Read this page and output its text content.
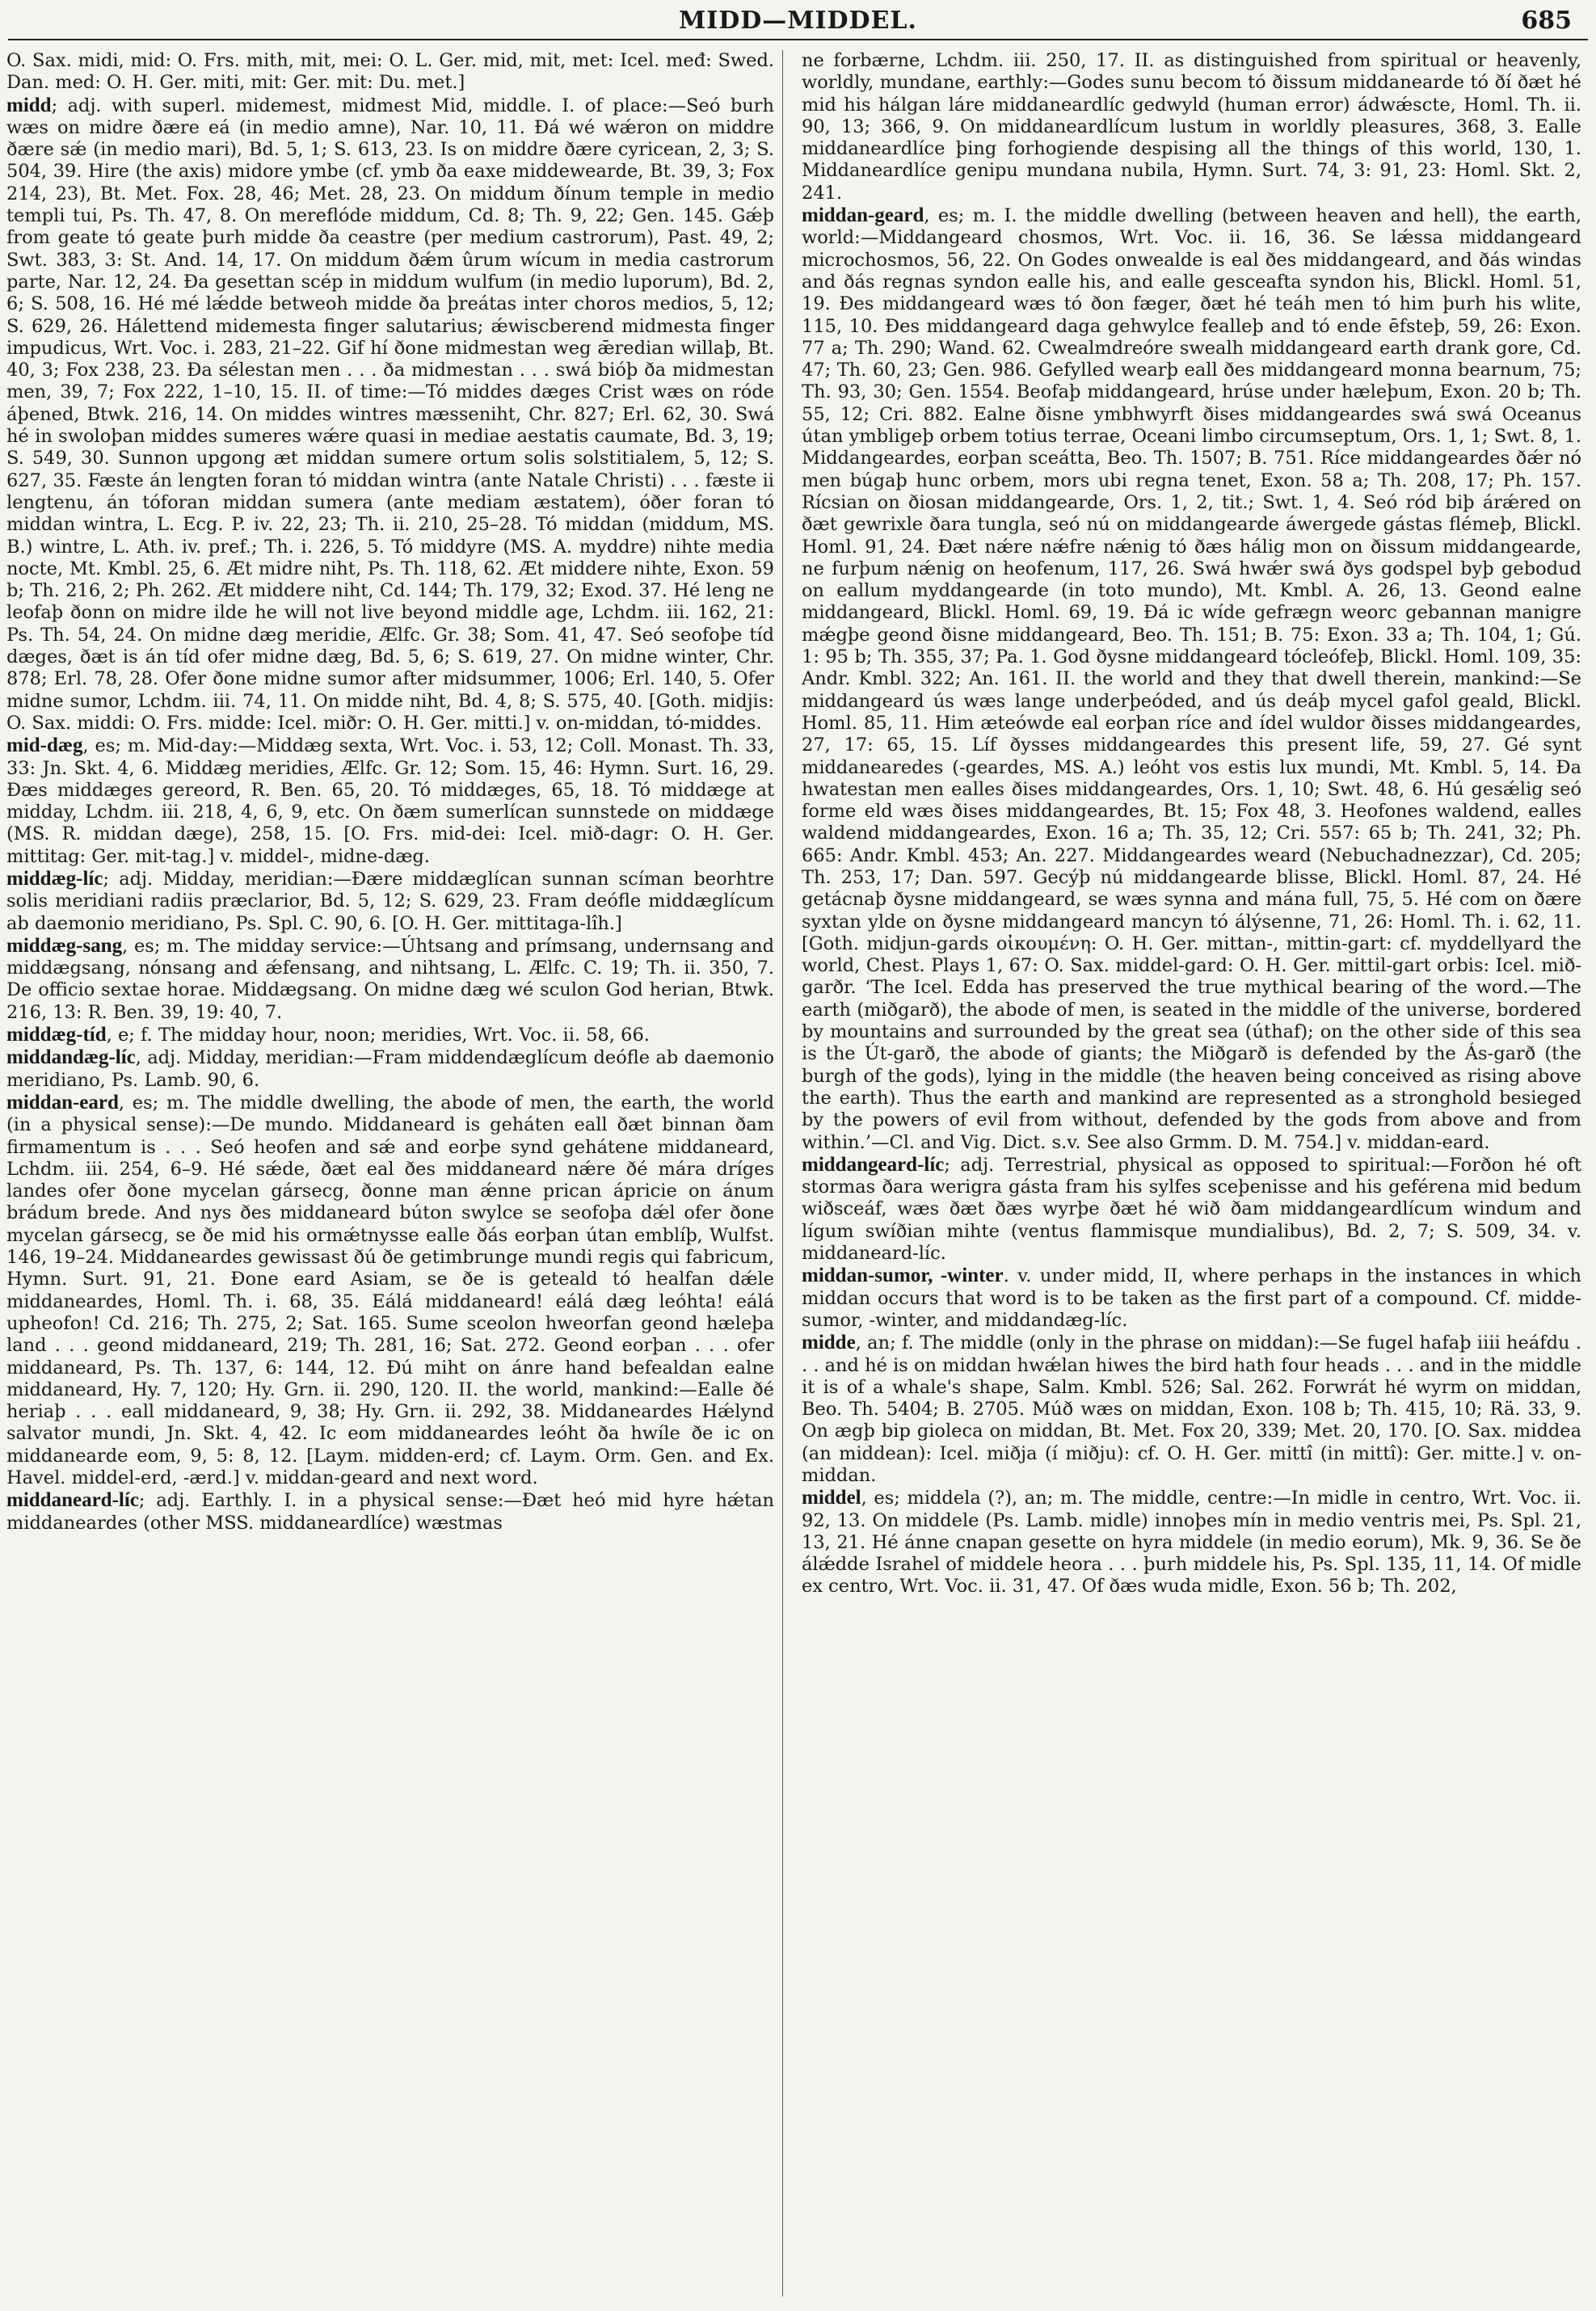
MIDD—MIDDEL.	685

O. Sax. midi, mid: O. Frs. mith, mit, mei: O. L. Ger. mid, mit, met: Icel. međ: Swed. Dan. med: O. H. Ger. miti, mit: Ger. mit: Du. met.]

midd; adj. with superl. midemest, midmest Mid, middle. I. of place:—Seó burh wæs on midre ðære eá (in medio amne), Nar. 10, 11. Ðá wé wǽron on middre ðære sǽ (in medio mari), Bd. 5, 1; S. 613, 23. Is on middre ðære cyricean, 2, 3; S. 504, 39. Hire (the axis) midore ymbe (cf. ymb ða eaxe middewearde, Bt. 39, 3; Fox 214, 23), Bt. Met. Fox. 28, 46; Met. 28, 23. On middum ðínum temple in medio templi tui, Ps. Th. 47, 8. On mereflóde middum, Cd. 8; Th. 9, 22; Gen. 145. Gǽþ from geate tó geate þurh midde ða ceastre (per medium castrorum), Past. 49, 2; Swt. 383, 3: St. And. 14, 17. On middum ðǽm ûrum wícum in media castrorum parte, Nar. 12, 24. Ða gesettan scép in middum wulfum (in medio luporum), Bd. 2, 6; S. 508, 16. Hé mé lǽdde betweoh midde ða þreátas inter choros medios, 5, 12; S. 629, 26. Hálettend midemesta finger salutarius; ǽwiscberend midmesta finger impudicus, Wrt. Voc. i. 283, 21–22. Gif hí ðone midmestan weg ǣredian willaþ, Bt. 40, 3; Fox 238, 23. Ða sélestan men . . . ða midmestan . . . swá bióþ ða midmestan men, 39, 7; Fox 222, 1–10, 15. II. of time:—Tó middes dæges Crist wæs on róde áþened, Btwk. 216, 14. On middes wintres mæsseniht, Chr. 827; Erl. 62, 30. Swá hé in swoloþan middes sumeres wǽre quasi in mediae aestatis caumate, Bd. 3, 19; S. 549, 30. Sunnon upgong æt middan sumere ortum solis solstitialem, 5, 12; S. 627, 35. Fæste án lengten foran tó middan wintra (ante Natale Christi) . . . fæste ii lengtenu, án tóforan middan sumera (ante mediam æstatem), óðer foran tó middan wintra, L. Ecg. P. iv. 22, 23; Th. ii. 210, 25–28. Tó middan (middum, MS. B.) wintre, L. Ath. iv. pref.; Th. i. 226, 5. Tó middyre (MS. A. myddre) nihte media nocte, Mt. Kmbl. 25, 6. Æt midre niht, Ps. Th. 118, 62. Æt middere nihte, Exon. 59 b; Th. 216, 2; Ph. 262. Æt middere niht, Cd. 144; Th. 179, 32; Exod. 37. Hé leng ne leofaþ ðonn on midre ilde he will not live beyond middle age, Lchdm. iii. 162, 21: Ps. Th. 54, 24. On midne dæg meridie, Ælfc. Gr. 38; Som. 41, 47. Seó seofoþe tíd dæges, ðæt is án tíd ofer midne dæg, Bd. 5, 6; S. 619, 27. On midne winter, Chr. 878; Erl. 78, 28. Ofer ðone midne sumor after midsummer, 1006; Erl. 140, 5. Ofer midne sumor, Lchdm. iii. 74, 11. On midde niht, Bd. 4, 8; S. 575, 40. [Goth. midjis: O. Sax. middi: O. Frs. midde: Icel. miðr: O. H. Ger. mitti.] v. on-middan, tó-middes.

mid-dæg, es; m. Mid-day:—Middæg sexta, Wrt. Voc. i. 53, 12; Coll. Monast. Th. 33, 33: Jn. Skt. 4, 6. Middæg meridies, Ælfc. Gr. 12; Som. 15, 46: Hymn. Surt. 16, 29. Ðæs middæges gereord, R. Ben. 65, 20. Tó middæges, 65, 18. Tó middæge at midday, Lchdm. iii. 218, 4, 6, 9, etc. On ðæm sumerlícan sunnstede on middæge (MS. R. middan dæge), 258, 15. [O. Frs. mid-dei: Icel. mið-dagr: O. H. Ger. mittitag: Ger. mit-tag.] v. middel-, midne-dæg.

middæg-líc; adj. Midday, meridian:—Ðære middæglícan sunnan scíman beorhtre solis meridiani radiis præclarior, Bd. 5, 12; S. 629, 23. Fram deófle middæglícum ab daemonio meridiano, Ps. Spl. C. 90, 6. [O. H. Ger. mittitaga-lîh.]

middæg-sang, es; m. The midday service:—Úhtsang and prímsang, undernsang and middægsang, nónsang and ǽfensang, and nihtsang, L. Ælfc. C. 19; Th. ii. 350, 7. De officio sextae horae. Middægsang. On midne dæg wé sculon God herian, Btwk. 216, 13: R. Ben. 39, 19: 40, 7.

middæg-tíd, e; f. The midday hour, noon; meridies, Wrt. Voc. ii. 58, 66.

middandæg-líc, adj. Midday, meridian:—Fram middendæglícum deófle ab daemonio meridiano, Ps. Lamb. 90, 6.

middan-eard, es; m. The middle dwelling, the abode of men, the earth, the world (in a physical sense):—De mundo. Middaneard is geháten eall ðæt binnan ðam firmamentum is . . . Seó heofen and sǽ and eorþe synd gehátene middaneard, Lchdm. iii. 254, 6–9. Hé sǽde, ðæt eal ðes middaneard nǽre ðé mára dríges landes ofer ðone mycelan gársecg, ðonne man ǽnne prican ápricie on ánum brádum brede. And nys ðes middaneard búton swylce se seofoþa dǽl ofer ðone mycelan gársecg, se ðe mid his ormǽtnysse ealle ðás eorþan útan emblíþ, Wulfst. 146, 19–24. Middaneardes gewissast ðú ðe getimbrunge mundi regis qui fabricum, Hymn. Surt. 91, 21. Ðone eard Asiam, se ðe is geteald tó healfan dǽle middaneardes, Homl. Th. i. 68, 35. Eálá middaneard! eálá dæg leóhta! eálá upheofon! Cd. 216; Th. 275, 2; Sat. 165. Sume sceolon hweorfan geond hæleþa land . . . geond middaneard, 219; Th. 281, 16; Sat. 272. Geond eorþan . . . ofer middaneard, Ps. Th. 137, 6: 144, 12. Ðú miht on ánre hand befealdan ealne middaneard, Hy. 7, 120; Hy. Grn. ii. 290, 120. II. the world, mankind:—Ealle ðé heriaþ . . . eall middaneard, 9, 38; Hy. Grn. ii. 292, 38. Middaneardes Hǽlynd salvator mundi, Jn. Skt. 4, 42. Ic eom middaneardes leóht ða hwíle ðe ic on middanearde eom, 9, 5: 8, 12. [Laym. midden-erd; cf. Laym. Orm. Gen. and Ex. Havel. middel-erd, -ærd.] v. middan-geard and next word.

middaneard-líc; adj. Earthly. I. in a physical sense:—Ðæt heó mid hyre hǽtan middaneardes (other MSS. middaneardlíce) wæstmas

ne forbærne, Lchdm. iii. 250, 17. II. as distinguished from spiritual or heavenly, worldly, mundane, earthly:—Godes sunu becom tó ðissum middanearde tó ðí ðæt hé mid his hálgan láre middaneardlíc gedwyld (human error) ádwǽscte, Homl. Th. ii. 90, 13; 366, 9. On middaneardlícum lustum in worldly pleasures, 368, 3. Ealle middaneardlíce þing forhogiende despising all the things of this world, 130, 1. Middaneardlíce genipu mundana nubila, Hymn. Surt. 74, 3: 91, 23: Homl. Skt. 2, 241.

middan-geard, es; m. I. the middle dwelling (between heaven and hell), the earth, world:—Middangeard chosmos, Wrt. Voc. ii. 16, 36. Se lǽssa middangeard microchosmos, 56, 22. On Godes onwealde is eal ðes middangeard, and ðás windas and ðás regnas syndon ealle his, and ealle gesceafta syndon his, Blickl. Homl. 51, 19. Ðes middangeard wæs tó ðon fæger, ðæt hé teáh men tó him þurh his wlite, 115, 10. Ðes middangeard daga gehwylce fealleþ and tó ende ēfsteþ, 59, 26: Exon. 77 a; Th. 290; Wand. 62. Cwealmdreóre swealh middangeard earth drank gore, Cd. 47; Th. 60, 23; Gen. 986. Gefylled wearþ eall ðes middangeard monna bearnum, 75; Th. 93, 30; Gen. 1554. Beofaþ middangeard, hrúse under hæleþum, Exon. 20 b; Th. 55, 12; Cri. 882. Ealne ðisne ymbhwyrft ðises middangeardes swá swá Oceanus útan ymbligeþ orbem totius terrae, Oceani limbo circumseptum, Ors. 1, 1; Swt. 8, 1. Middangeardes, eorþan sceátta, Beo. Th. 1507; B. 751. Ríce middangeardes ðǽr nó men búgaþ hunc orbem, mors ubi regna tenet, Exon. 58 a; Th. 208, 17; Ph. 157. Rícsian on ðiosan middangearde, Ors. 1, 2, tit.; Swt. 1, 4. Seó ród biþ árǽred on ðæt gewrixle ðara tungla, seó nú on middangearde áwergede gástas flémeþ, Blickl. Homl. 91, 24. Ðæt nǽre nǽfre nǽnig tó ðæs hálig mon on ðissum middangearde, ne furþum nǽnig on heofenum, 117, 26. Swá hwǽr swá ðys godspel byþ gebodud on eallum myddangearde (in toto mundo), Mt. Kmbl. A. 26, 13. Geond ealne middangeard, Blickl. Homl. 69, 19. Ðá ic wíde gefrægn weorc gebannan manigre mǽgþe geond ðisne middangeard, Beo. Th. 151; B. 75: Exon. 33 a; Th. 104, 1; Gú. 1: 95 b; Th. 355, 37; Pa. 1. God ðysne middangeard tócleófeþ, Blickl. Homl. 109, 35: Andr. Kmbl. 322; An. 161. II. the world and they that dwell therein, mankind:—Se middangeard ús wæs lange underþeóded, and ús deáþ mycel gafol geald, Blickl. Homl. 85, 11. Him æteówde eal eorþan ríce and ídel wuldor ðisses middangeardes, 27, 17: 65, 15. Líf ðysses middangeardes this present life, 59, 27. Gé synt middanearedes (-geardes, MS. A.) leóht vos estis lux mundi, Mt. Kmbl. 5, 14. Ða hwatestan men ealles ðises middangeardes, Ors. 1, 10; Swt. 48, 6. Hú gesǽlig seó forme eld wæs ðises middangeardes, Bt. 15; Fox 48, 3. Heofones waldend, ealles waldend middangeardes, Exon. 16 a; Th. 35, 12; Cri. 557: 65 b; Th. 241, 32; Ph. 665: Andr. Kmbl. 453; An. 227. Middangeardes weard (Nebuchadnezzar), Cd. 205; Th. 253, 17; Dan. 597. Gecýþ nú middangearde blisse, Blickl. Homl. 87, 24. Hé getácnaþ ðysne middangeard, se wæs synna and mána full, 75, 5. Hé com on ðære syxtan ylde on ðysne middangeard mancyn tó álýsenne, 71, 26: Homl. Th. i. 62, 11. [Goth. midjun-gards οἰκουμένη: O. H. Ger. mittan-, mittin-gart: cf. myddellyard the world, Chest. Plays 1, 67: O. Sax. middel-gard: O. H. Ger. mittil-gart orbis: Icel. mið-garðr. ‘The Icel. Edda has preserved the true mythical bearing of the word.—The earth (miðgarð), the abode of men, is seated in the middle of the universe, bordered by mountains and surrounded by the great sea (úthaf); on the other side of this sea is the Út-garð, the abode of giants; the Miðgarð is defended by the Ás-garð (the burgh of the gods), lying in the middle (the heaven being conceived as rising above the earth). Thus the earth and mankind are represented as a stronghold besieged by the powers of evil from without, defended by the gods from above and from within.’—Cl. and Vig. Dict. s.v. See also Grmm. D. M. 754.] v. middan-eard.

middangeard-líc; adj. Terrestrial, physical as opposed to spiritual:—Forðon hé oft stormas ðara werigra gásta fram his sylfes sceþenisse and his geférena mid bedum wiðsceáf, wæs ðæt ðæs wyrþe ðæt hé wið ðam middangeardlícum windum and lígum swíðian mihte (ventus flammisque mundialibus), Bd. 2, 7; S. 509, 34. v. middaneard-líc.

middan-sumor, -winter. v. under midd, II, where perhaps in the instances in which middan occurs that word is to be taken as the first part of a compound. Cf. midde-sumor, -winter, and middandæg-líc.

midde, an; f. The middle (only in the phrase on middan):—Se fugel hafaþ iiii heáfdu . . . and hé is on middan hwǽlan hiwes the bird hath four heads . . . and in the middle it is of a whale's shape, Salm. Kmbl. 526; Sal. 262. Forwrát hé wyrm on middan, Beo. Th. 5404; B. 2705. Múð wæs on middan, Exon. 108 b; Th. 415, 10; Rä. 33, 9. On ægþ bip gioleca on middan, Bt. Met. Fox 20, 339; Met. 20, 170. [O. Sax. middea (an middean): Icel. miðja (í miðju): cf. O. H. Ger. mittî (in mittî): Ger. mitte.] v. on-middan.

middel, es; middela (?), an; m. The middle, centre:—In midle in centro, Wrt. Voc. ii. 92, 13. On middele (Ps. Lamb. midle) innoþes mín in medio ventris mei, Ps. Spl. 21, 13, 21. Hé ánne cnapan gesette on hyra middele (in medio eorum), Mk. 9, 36. Se ðe álǽdde Israhel of middele heora . . . þurh middele his, Ps. Spl. 135, 11, 14. Of midle ex centro, Wrt. Voc. ii. 31, 47. Of ðæs wuda midle, Exon. 56 b; Th. 202,
